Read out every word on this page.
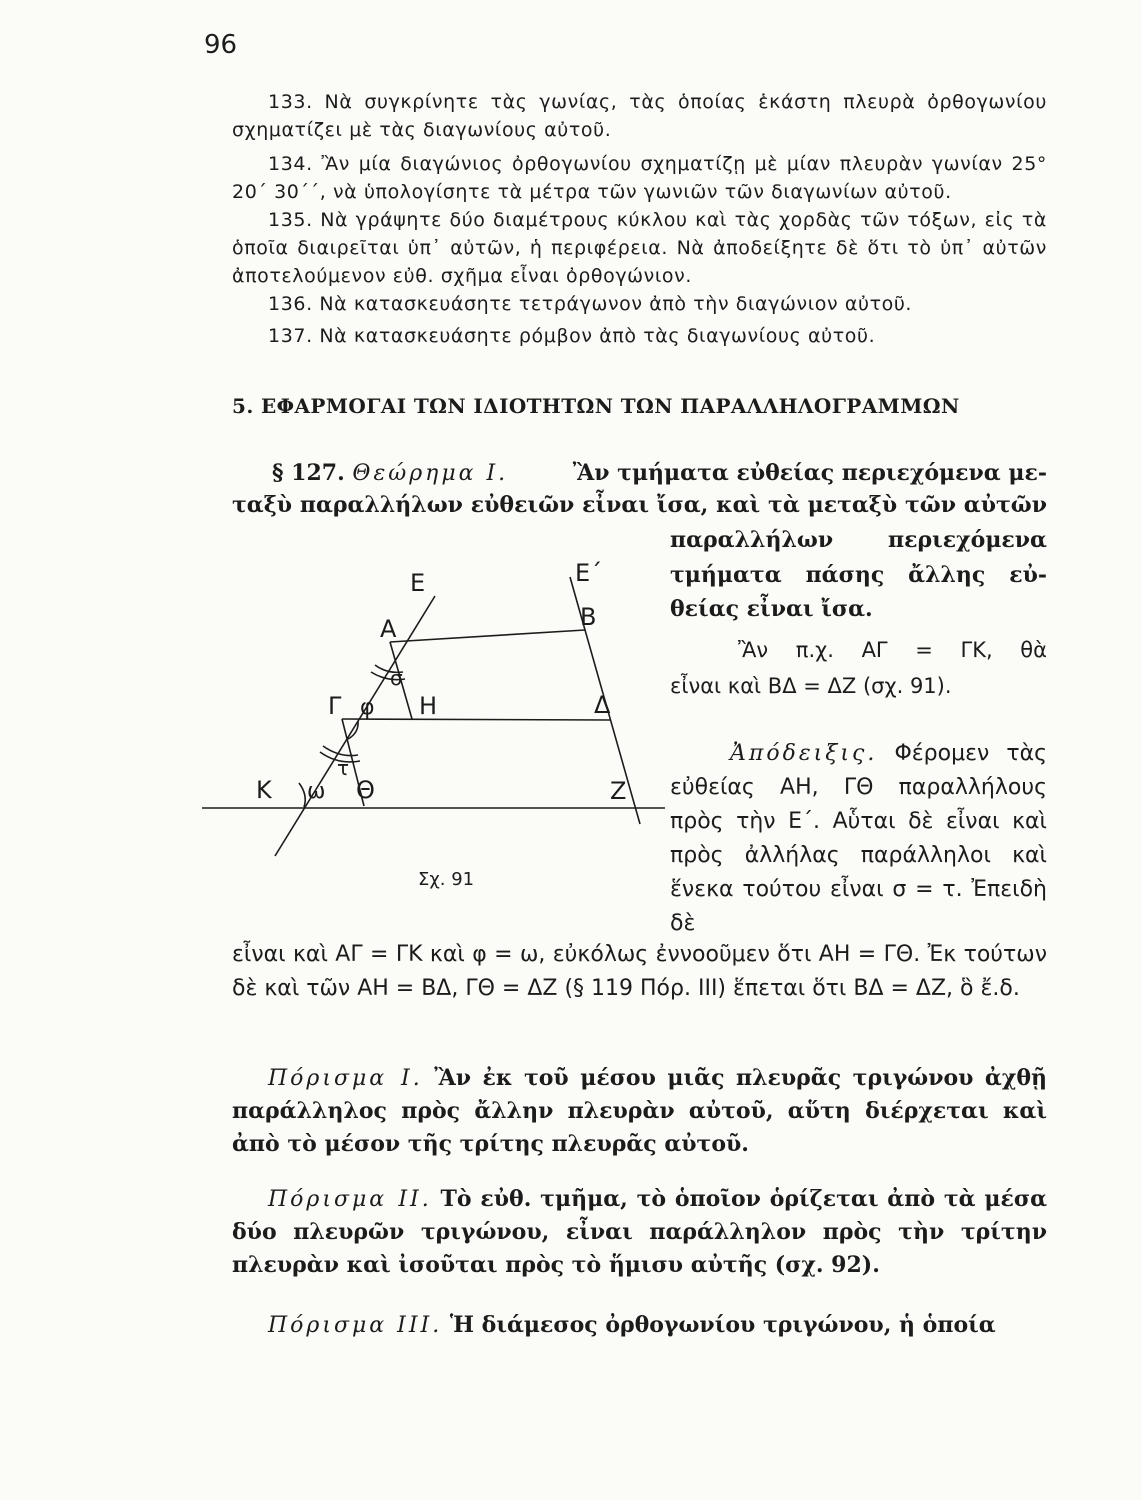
96
133. Νὰ συγκρίνητε τὰς γωνίας, τὰς ὁποίας ἑκάστη πλευρὰ ὀρθογωνίου σχηματίζει μὲ τὰς διαγωνίους αὐτοῦ.
134. Ἂν μία διαγώνιος ὀρθογωνίου σχηματίζῃ μὲ μίαν πλευρὰν γωνίαν 25° 20΄ 30΄΄, νὰ ὑπολογίσητε τὰ μέτρα τῶν γωνιῶν τῶν διαγωνίων αὐτοῦ.
135. Νὰ γράψητε δύο διαμέτρους κύκλου καὶ τὰς χορδὰς τῶν τόξων, εἰς τὰ ὁποῖα διαιρεῖται ὑπ᾽ αὐτῶν, ἡ περιφέρεια. Νὰ ἀποδείξητε δὲ ὅτι τὸ ὑπ᾽ αὐτῶν ἀποτελούμενον εὐθ. σχῆμα εἶναι ὀρθογώνιον.
136. Νὰ κατασκευάσητε τετράγωνον ἀπὸ τὴν διαγώνιον αὐτοῦ.
137. Νὰ κατασκευάσητε ρόμβον ἀπὸ τὰς διαγωνίους αὐτοῦ.
5. ΕΦΑΡΜΟΓΑΙ ΤΩΝ ΙΔΙΟΤΗΤΩΝ ΤΩΝ ΠΑΡΑΛΛΗΛΟΓΡΑΜΜΩΝ
§ 127. Θεώρημα I.	Ἂν τμήματα εὐθείας περιεχόμενα με-
ταξὺ παραλλήλων εὐθειῶν εἶναι ἴσα, καὶ τὰ μεταξὺ τῶν αὐτῶν
παραλλήλων περιεχόμενα
τμήματα πάσης ἄλλης εὐ-
θείας εἶναι ἴσα.
Ἂν π.χ. ΑΓ = ΓΚ, θὰ
εἶναι καὶ ΒΔ = ΔΖ (σχ. 91).
Ἀπόδειξις. Φέρομεν τὰς εὐθείας ΑΗ, ΓΘ παραλλήλους πρὸς τὴν Ε΄. Αὗται δὲ εἶναι καὶ πρὸς ἀλλήλας παράλληλοι καὶ ἕνεκα τούτου εἶναι σ = τ. Ἐπειδὴ δὲ
εἶναι καὶ ΑΓ = ΓΚ καὶ φ = ω, εὐκόλως ἐννοοῦμεν ὅτι ΑΗ = ΓΘ. Ἐκ τούτων δὲ καὶ τῶν ΑΗ = ΒΔ, ΓΘ = ΔΖ (§ 119 Πόρ. III) ἕπεται ὅτι ΒΔ = ΔΖ, ὃ ἔ.δ.
Πόρισμα I. Ἂν ἐκ τοῦ μέσου μιᾶς πλευρᾶς τριγώνου ἀχθῇ παράλληλος πρὸς ἄλλην πλευρὰν αὐτοῦ, αὕτη διέρχεται καὶ ἀπὸ τὸ μέσον τῆς τρίτης πλευρᾶς αὐτοῦ.
Πόρισμα II. Τὸ εὐθ. τμῆμα, τὸ ὁποῖον ὁρίζεται ἀπὸ τὰ μέσα δύο πλευρῶν τριγώνου, εἶναι παράλληλον πρὸς τὴν τρίτην πλευρὰν καὶ ἰσοῦται πρὸς τὸ ἥμισυ αὐτῆς (σχ. 92).
Πόρισμα III. Ἡ διάμεσος ὀρθογωνίου τριγώνου, ἡ ὁποία
Ε	Ε΄
Α	Β
σ
Γ φ Η	Δ
τ
Κ ω Θ	Ζ
Σχ. 91
